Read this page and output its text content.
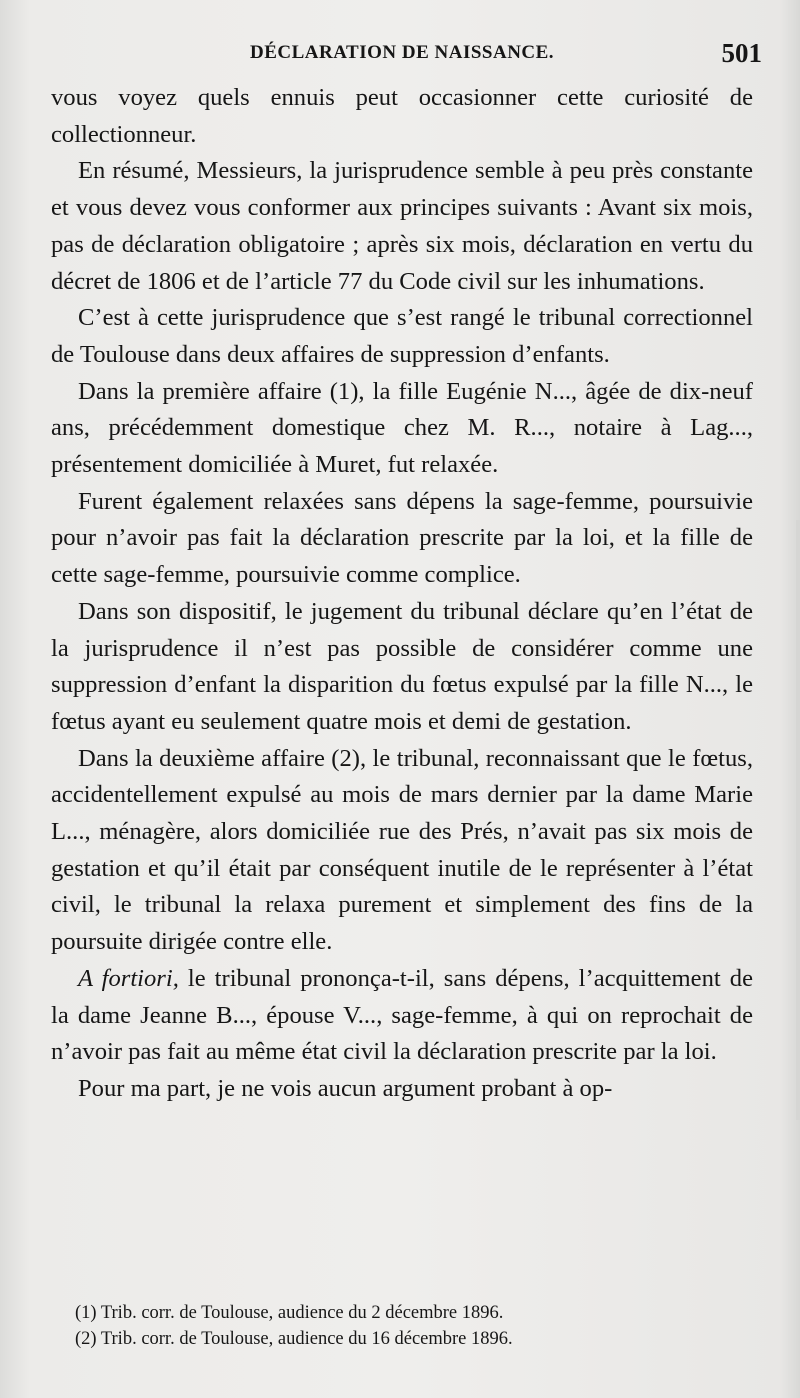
DÉCLARATION DE NAISSANCE.	501

vous voyez quels ennuis peut occasionner cette curiosité de collectionneur.

En résumé, Messieurs, la jurisprudence semble à peu près constante et vous devez vous conformer aux principes suivants : Avant six mois, pas de déclaration obligatoire ; après six mois, déclaration en vertu du décret de 1806 et de l’article 77 du Code civil sur les inhumations.

C’est à cette jurisprudence que s’est rangé le tribunal correctionnel de Toulouse dans deux affaires de suppression d’enfants.

Dans la première affaire (1), la fille Eugénie N..., âgée de dix-neuf ans, précédemment domestique chez M. R..., notaire à Lag..., présentement domiciliée à Muret, fut relaxée.

Furent également relaxées sans dépens la sage-femme, poursuivie pour n’avoir pas fait la déclaration prescrite par la loi, et la fille de cette sage-femme, poursuivie comme complice.

Dans son dispositif, le jugement du tribunal déclare qu’en l’état de la jurisprudence il n’est pas possible de considérer comme une suppression d’enfant la disparition du fœtus expulsé par la fille N..., le fœtus ayant eu seulement quatre mois et demi de gestation.

Dans la deuxième affaire (2), le tribunal, reconnaissant que le fœtus, accidentellement expulsé au mois de mars dernier par la dame Marie L..., ménagère, alors domiciliée rue des Prés, n’avait pas six mois de gestation et qu’il était par conséquent inutile de le représenter à l’état civil, le tribunal la relaxa purement et simplement des fins de la poursuite dirigée contre elle.

A fortiori, le tribunal prononça-t-il, sans dépens, l’acquittement de la dame Jeanne B..., épouse V..., sage-femme, à qui on reprochait de n’avoir pas fait au même état civil la déclaration prescrite par la loi.

Pour ma part, je ne vois aucun argument probant à op-

(1) Trib. corr. de Toulouse, audience du 2 décembre 1896.
(2) Trib. corr. de Toulouse, audience du 16 décembre 1896.
